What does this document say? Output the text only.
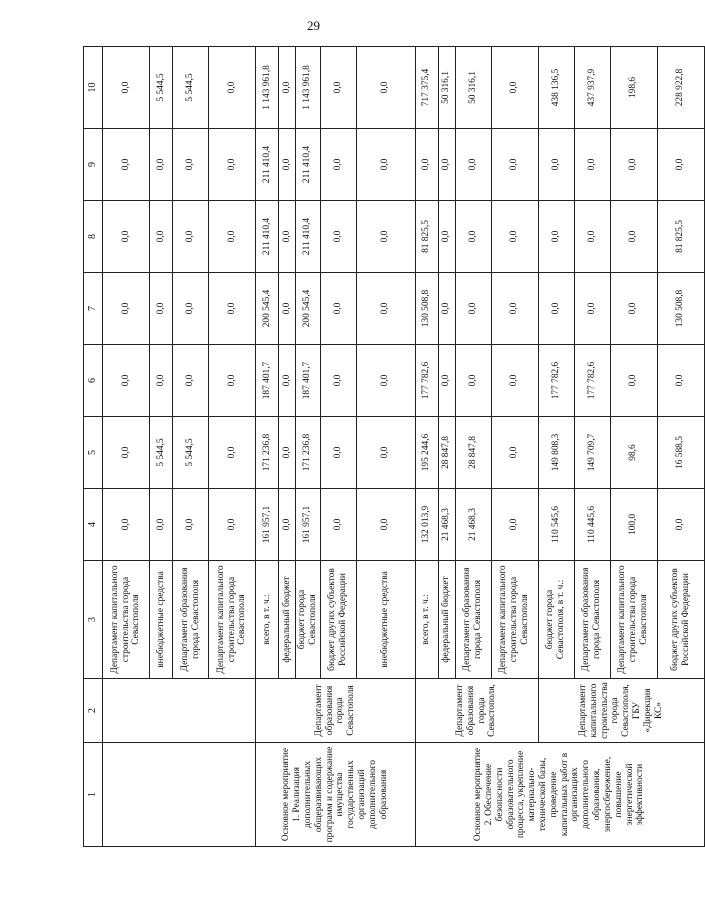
29
1	2	3	4	5	6	7	8	9	10
		Департамент капитального строительства города Севастополя	0,0	0,0	0,0	0,0	0,0	0,0	0,0
		внебюджетные средства	0,0	5 544,5	0,0	0,0	0,0	0,0	5 544,5
		Департамент образования города Севастополя	0,0	5 544,5	0,0	0,0	0,0	0,0	5 544,5
		Департамент капитального строительства города Севастополя	0,0	0,0	0,0	0,0	0,0	0,0	0,0
Основное мероприятие 1. Реализация дополнительных общеразвивающих программ и содержание имущества государственных организаций дополнительного образования	Департамент образования города Севастополя	всего, в т. ч.:	161 957,1	171 236,8	187 401,7	200 545,4	211 410,4	211 410,4	1 143 961,8
		федеральный бюджет	0,0	0,0	0,0	0,0	0,0	0,0	0,0
		бюджет города Севастополя	161 957,1	171 236,8	187 401,7	200 545,4	211 410,4	211 410,4	1 143 961,8
		бюджет других субъектов Российской Федерации	0,0	0,0	0,0	0,0	0,0	0,0	0,0
		внебюджетные средства	0,0	0,0	0,0	0,0	0,0	0,0	0,0
Основное мероприятие 2. Обеспечение безопасности образовательного процесса, укрепление материально-технической базы, проведение капитальных работ в организациях дополнительного образования, энергосбережение, повышение энергетической эффективности	Департамент образования города Севастополя,	всего, в т. ч.:	132 013,9	195 244,6	177 782,6	130 508,8	81 825,5	0,0	717 375,4
		федеральный бюджет	21 468,3	28 847,8	0,0	0,0	0,0	0,0	50 316,1
		Департамент образования города Севастополя	21 468,3	28 847,8	0,0	0,0	0,0	0,0	50 316,1
		Департамент капитального строительства города Севастополя	0,0	0,0	0,0	0,0	0,0	0,0	0,0
	Департамент капитального строительства города Севастополя, ГБУ «Дирекция КС»	бюджет города Севастополя, в т. ч.:	110 545,6	149 808,3	177 782,6	0,0	0,0	0,0	438 136,5
		Департамент образования города Севастополя	110 445,6	149 709,7	177 782,6	0,0	0,0	0,0	437 937,9
		Департамент капитального строительства города Севастополя	100,0	98,6	0,0	0,0	0,0	0,0	198,6
		бюджет других субъектов Российской Федерации	0,0	16 588,5	0,0	130 508,8	81 825,5	0,0	228 922,8
